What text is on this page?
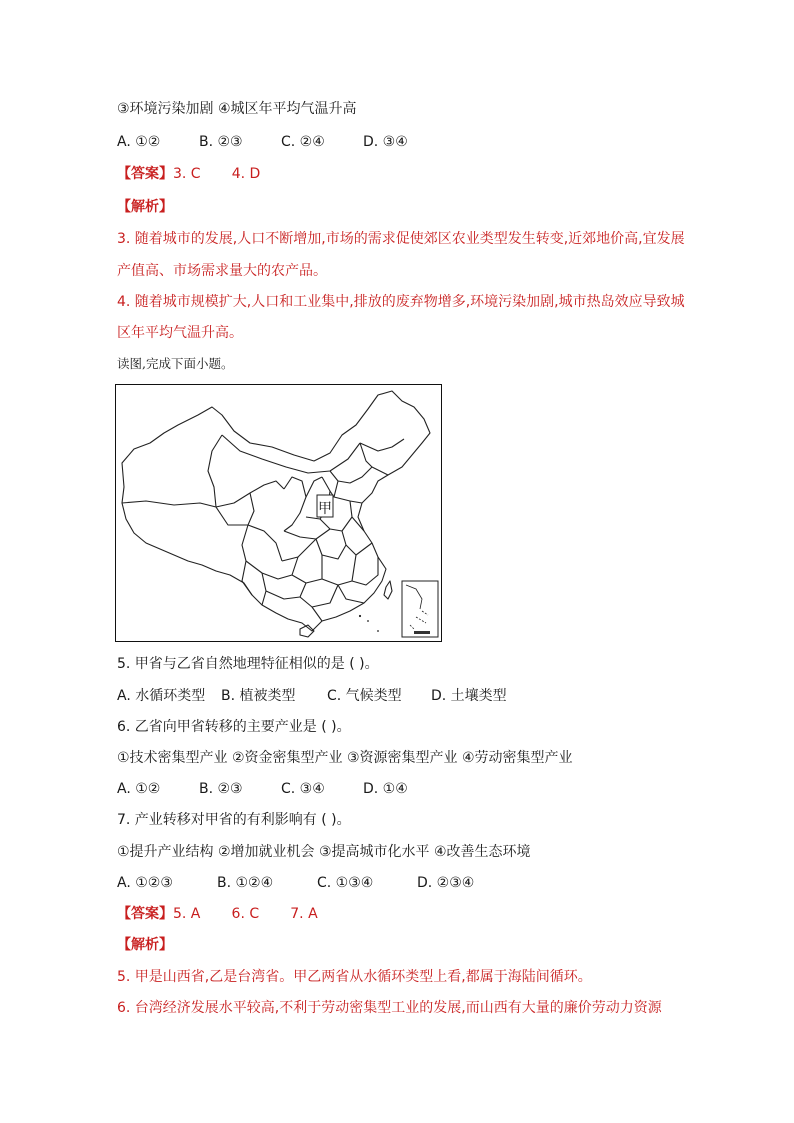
③环境污染加剧 ④城区年平均气温升高
A. ①②	B. ②③	C. ②④	D. ③④
【答案】3. C       4. D
【解析】
3. 随着城市的发展,人口不断增加,市场的需求促使郊区农业类型发生转变,近郊地价高,宜发展
产值高、市场需求量大的农产品。
4. 随着城市规模扩大,人口和工业集中,排放的废弃物增多,环境污染加剧,城市热岛效应导致城
区年平均气温升高。
读图,完成下面小题。
甲
5. 甲省与乙省自然地理特征相似的是 ( )。
A. 水循环类型 B. 植被类型 C. 气候类型 D. 土壤类型
6. 乙省向甲省转移的主要产业是 ( )。
①技术密集型产业 ②资金密集型产业 ③资源密集型产业 ④劳动密集型产业
A. ①②	B. ②③	C. ③④	D. ①④
7. 产业转移对甲省的有利影响有 ( )。
①提升产业结构 ②增加就业机会 ③提高城市化水平 ④改善生态环境
A. ①②③	B. ①②④	C. ①③④	D. ②③④
【答案】5. A       6. C       7. A
【解析】
5. 甲是山西省,乙是台湾省。甲乙两省从水循环类型上看,都属于海陆间循环。
6. 台湾经济发展水平较高,不利于劳动密集型工业的发展,而山西有大量的廉价劳动力资源
